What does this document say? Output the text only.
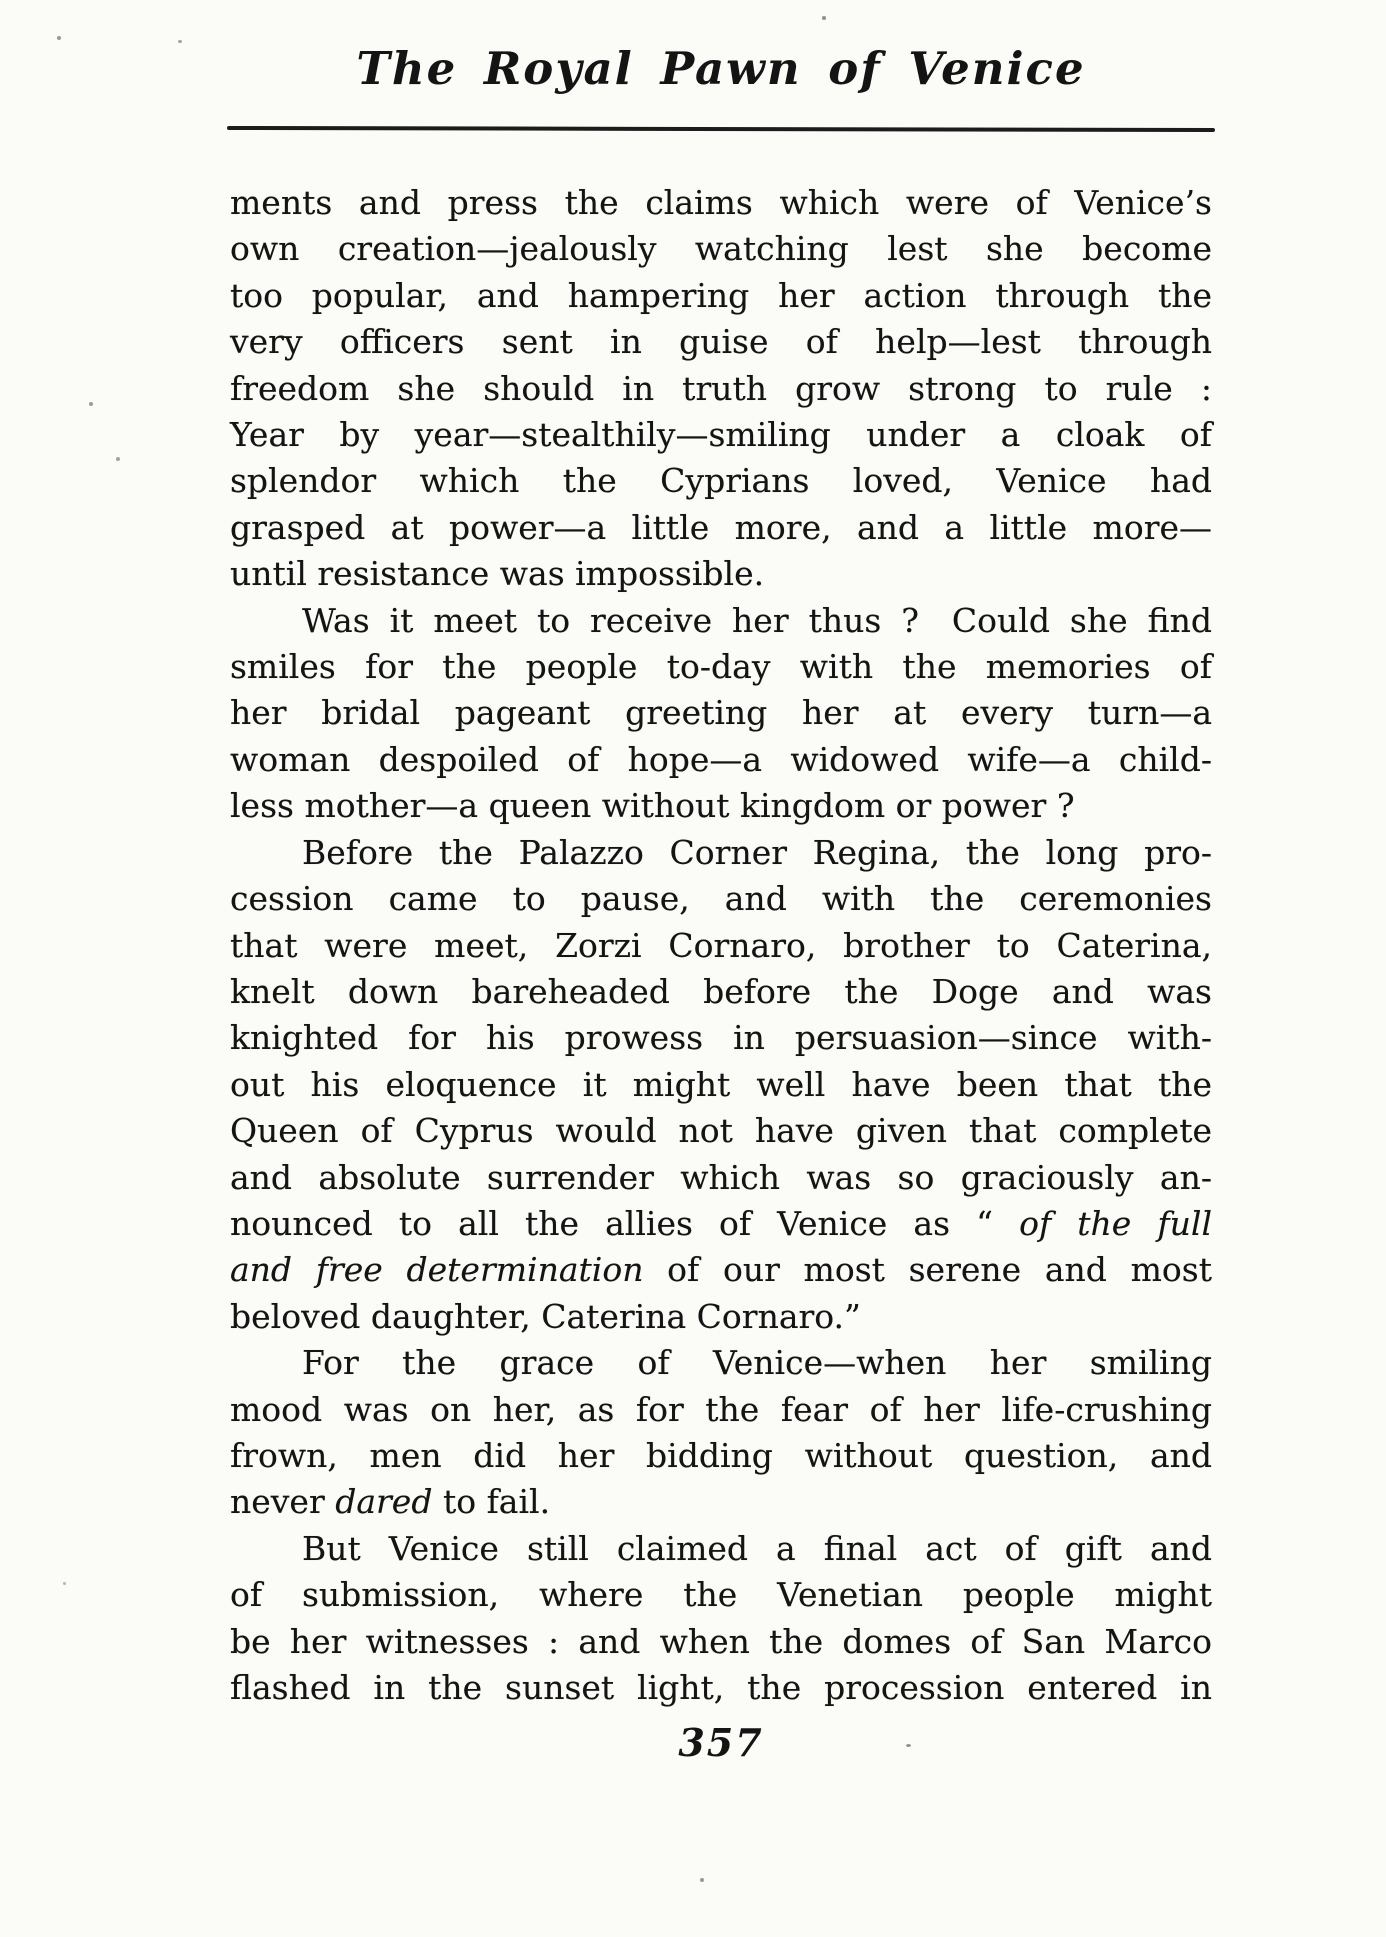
The Royal Pawn of Venice
ments and press the claims which were of Venice’s
own creation—jealously watching lest she become
too popular, and hampering her action through the
very officers sent in guise of help—lest through
freedom she should in truth grow strong to rule :
Year by year—stealthily—smiling under a cloak of
splendor which the Cyprians loved, Venice had
grasped at power—a little more, and a little more—
until resistance was impossible.
Was it meet to receive her thus ? Could she find
smiles for the people to-day with the memories of
her bridal pageant greeting her at every turn—a
woman despoiled of hope—a widowed wife—a child-
less mother—a queen without kingdom or power ?
Before the Palazzo Corner Regina, the long pro-
cession came to pause, and with the ceremonies
that were meet, Zorzi Cornaro, brother to Caterina,
knelt down bareheaded before the Doge and was
knighted for his prowess in persuasion—since with-
out his eloquence it might well have been that the
Queen of Cyprus would not have given that complete
and absolute surrender which was so graciously an-
nounced to all the allies of Venice as “ of the full
and free determination of our most serene and most
beloved daughter, Caterina Cornaro.”
For the grace of Venice—when her smiling
mood was on her, as for the fear of her life-crushing
frown, men did her bidding without question, and
never dared to fail.
But Venice still claimed a final act of gift and
of submission, where the Venetian people might
be her witnesses : and when the domes of San Marco
flashed in the sunset light, the procession entered in
357
